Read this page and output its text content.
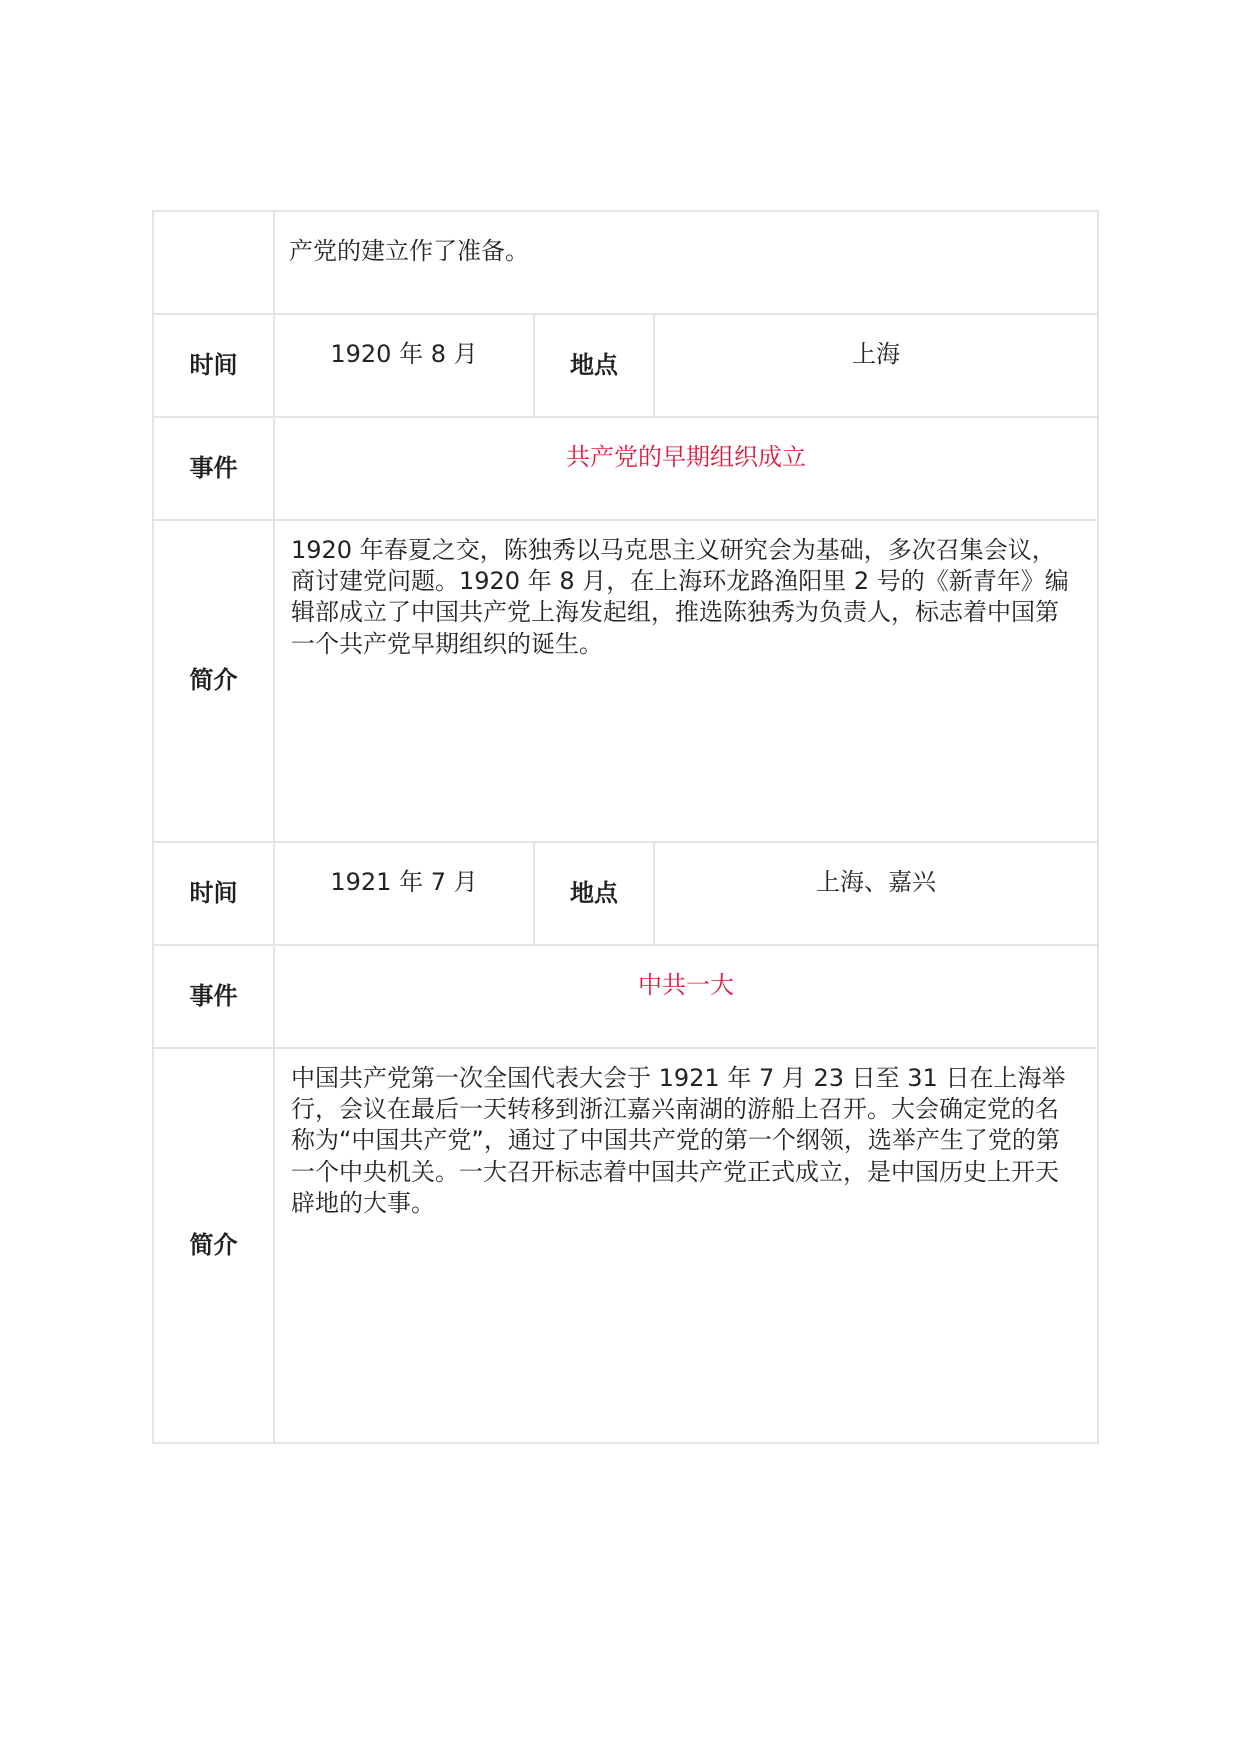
	产党的建立作了准备。		
时间	1920 年 8 月	地点	上海
事件	共产党的早期组织成立		
简介	1920 年春夏之交，陈独秀以马克思主义研究会为基础，多次召集会议，商讨建党问题。1920 年 8 月，在上海环龙路渔阳里 2 号的《新青年》编辑部成立了中国共产党上海发起组，推选陈独秀为负责人，标志着中国第一个共产党早期组织的诞生。		
时间	1921 年 7 月	地点	上海、嘉兴
事件	中共一大		
简介	中国共产党第一次全国代表大会于 1921 年 7 月 23 日至 31 日在上海举行，会议在最后一天转移到浙江嘉兴南湖的游船上召开。大会确定党的名称为“中国共产党”，通过了中国共产党的第一个纲领，选举产生了党的第一个中央机关。一大召开标志着中国共产党正式成立，是中国历史上开天辟地的大事。		
